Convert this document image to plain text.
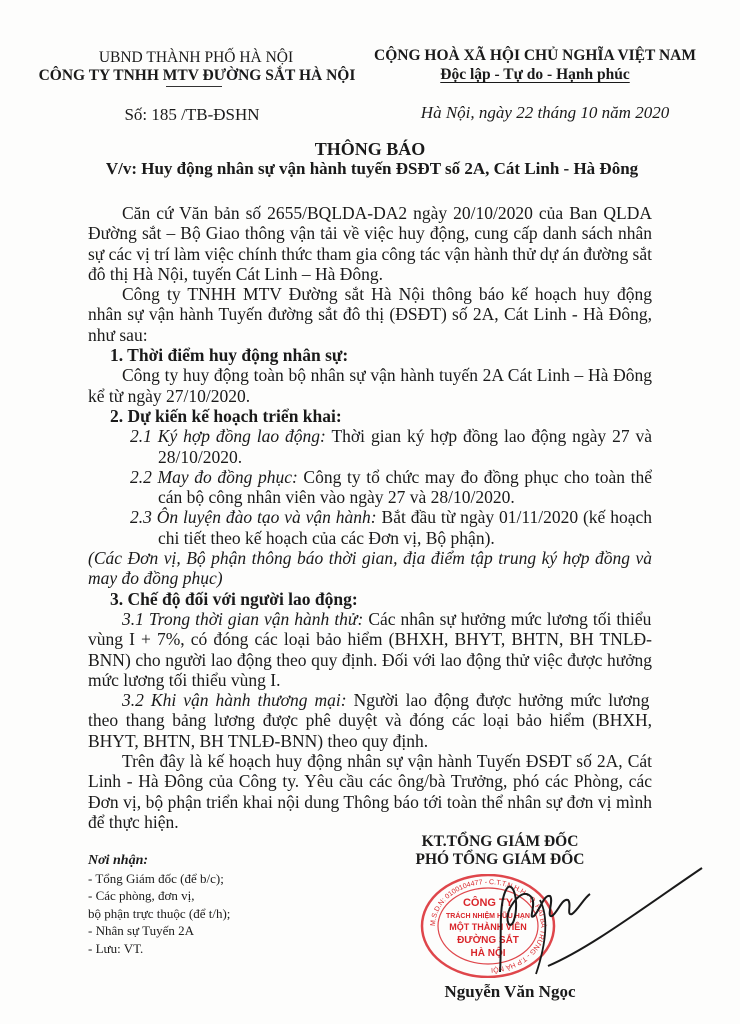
UBND THÀNH PHỐ HÀ NỘI
CÔNG TY TNHH MTV ĐƯỜNG SẮT HÀ NỘI
CỘNG HOÀ XÃ HỘI CHỦ NGHĨA VIỆT NAM
Độc lập - Tự do - Hạnh phúc
Số: 185 /TB-ĐSHN	Hà Nội, ngày 22 tháng 10 năm 2020
THÔNG BÁO
V/v: Huy động nhân sự vận hành tuyến ĐSĐT số 2A, Cát Linh - Hà Đông
Căn cứ Văn bản số 2655/BQLDA-DA2 ngày 20/10/2020 của Ban QLDA
Đường sắt – Bộ Giao thông vận tải về việc huy động, cung cấp danh sách nhân
sự các vị trí làm việc chính thức tham gia công tác vận hành thử dự án đường sắt
đô thị Hà Nội, tuyến Cát Linh – Hà Đông.
Công ty TNHH MTV Đường sắt Hà Nội thông báo kế hoạch huy động
nhân sự vận hành Tuyến đường sắt đô thị (ĐSĐT) số 2A, Cát Linh - Hà Đông,
như sau:
1. Thời điểm huy động nhân sự:
Công ty huy động toàn bộ nhân sự vận hành tuyến 2A Cát Linh – Hà Đông
kể từ ngày 27/10/2020.
2. Dự kiến kế hoạch triển khai:
2.1 Ký hợp đồng lao động: Thời gian ký hợp đồng lao động ngày 27 và
28/10/2020.
2.2 May đo đồng phục: Công ty tổ chức may đo đồng phục cho toàn thể
cán bộ công nhân viên vào ngày 27 và 28/10/2020.
2.3 Ôn luyện đào tạo và vận hành: Bắt đầu từ ngày 01/11/2020 (kế hoạch
chi tiết theo kế hoạch của các Đơn vị, Bộ phận).
(Các Đơn vị, Bộ phận thông báo thời gian, địa điểm tập trung ký hợp đồng và
may đo đồng phục)
3. Chế độ đối với người lao động:
3.1 Trong thời gian vận hành thử: Các nhân sự hưởng mức lương tối thiểu
vùng I + 7%, có đóng các loại bảo hiểm (BHXH, BHYT, BHTN, BH TNLĐ-
BNN) cho người lao động theo quy định. Đối với lao động thử việc được hưởng
mức lương tối thiểu vùng I.
3.2 Khi vận hành thương mại: Người lao động được hưởng mức lương
theo thang bảng lương được phê duyệt và đóng các loại bảo hiểm (BHXH,
BHYT, BHTN, BH TNLĐ-BNN) theo quy định.
Trên đây là kế hoạch huy động nhân sự vận hành Tuyến ĐSĐT số 2A, Cát
Linh - Hà Đông của Công ty. Yêu cầu các ông/bà Trưởng, phó các Phòng, các
Đơn vị, bộ phận triển khai nội dung Thông báo tới toàn thể nhân sự đơn vị mình
để thực hiện.
Nơi nhận:
- Tổng Giám đốc (để b/c);
- Các phòng, đơn vị,
bộ phận trực thuộc (để t/h);
- Nhân sự Tuyến 2A
- Lưu: VT.
KT.TỔNG GIÁM ĐỐC
PHÓ TỔNG GIÁM ĐỐC
M.S.D.N: 0100104477 - C.T.T.N.H.H - Q. HAI BÀ TRƯNG - T.P HÀ NỘI
CÔNG TY
TRÁCH NHIỆM HỮU HẠN
MỘT THÀNH VIÊN
ĐƯỜNG SẮT
HÀ NỘI
Nguyễn Văn Ngọc
